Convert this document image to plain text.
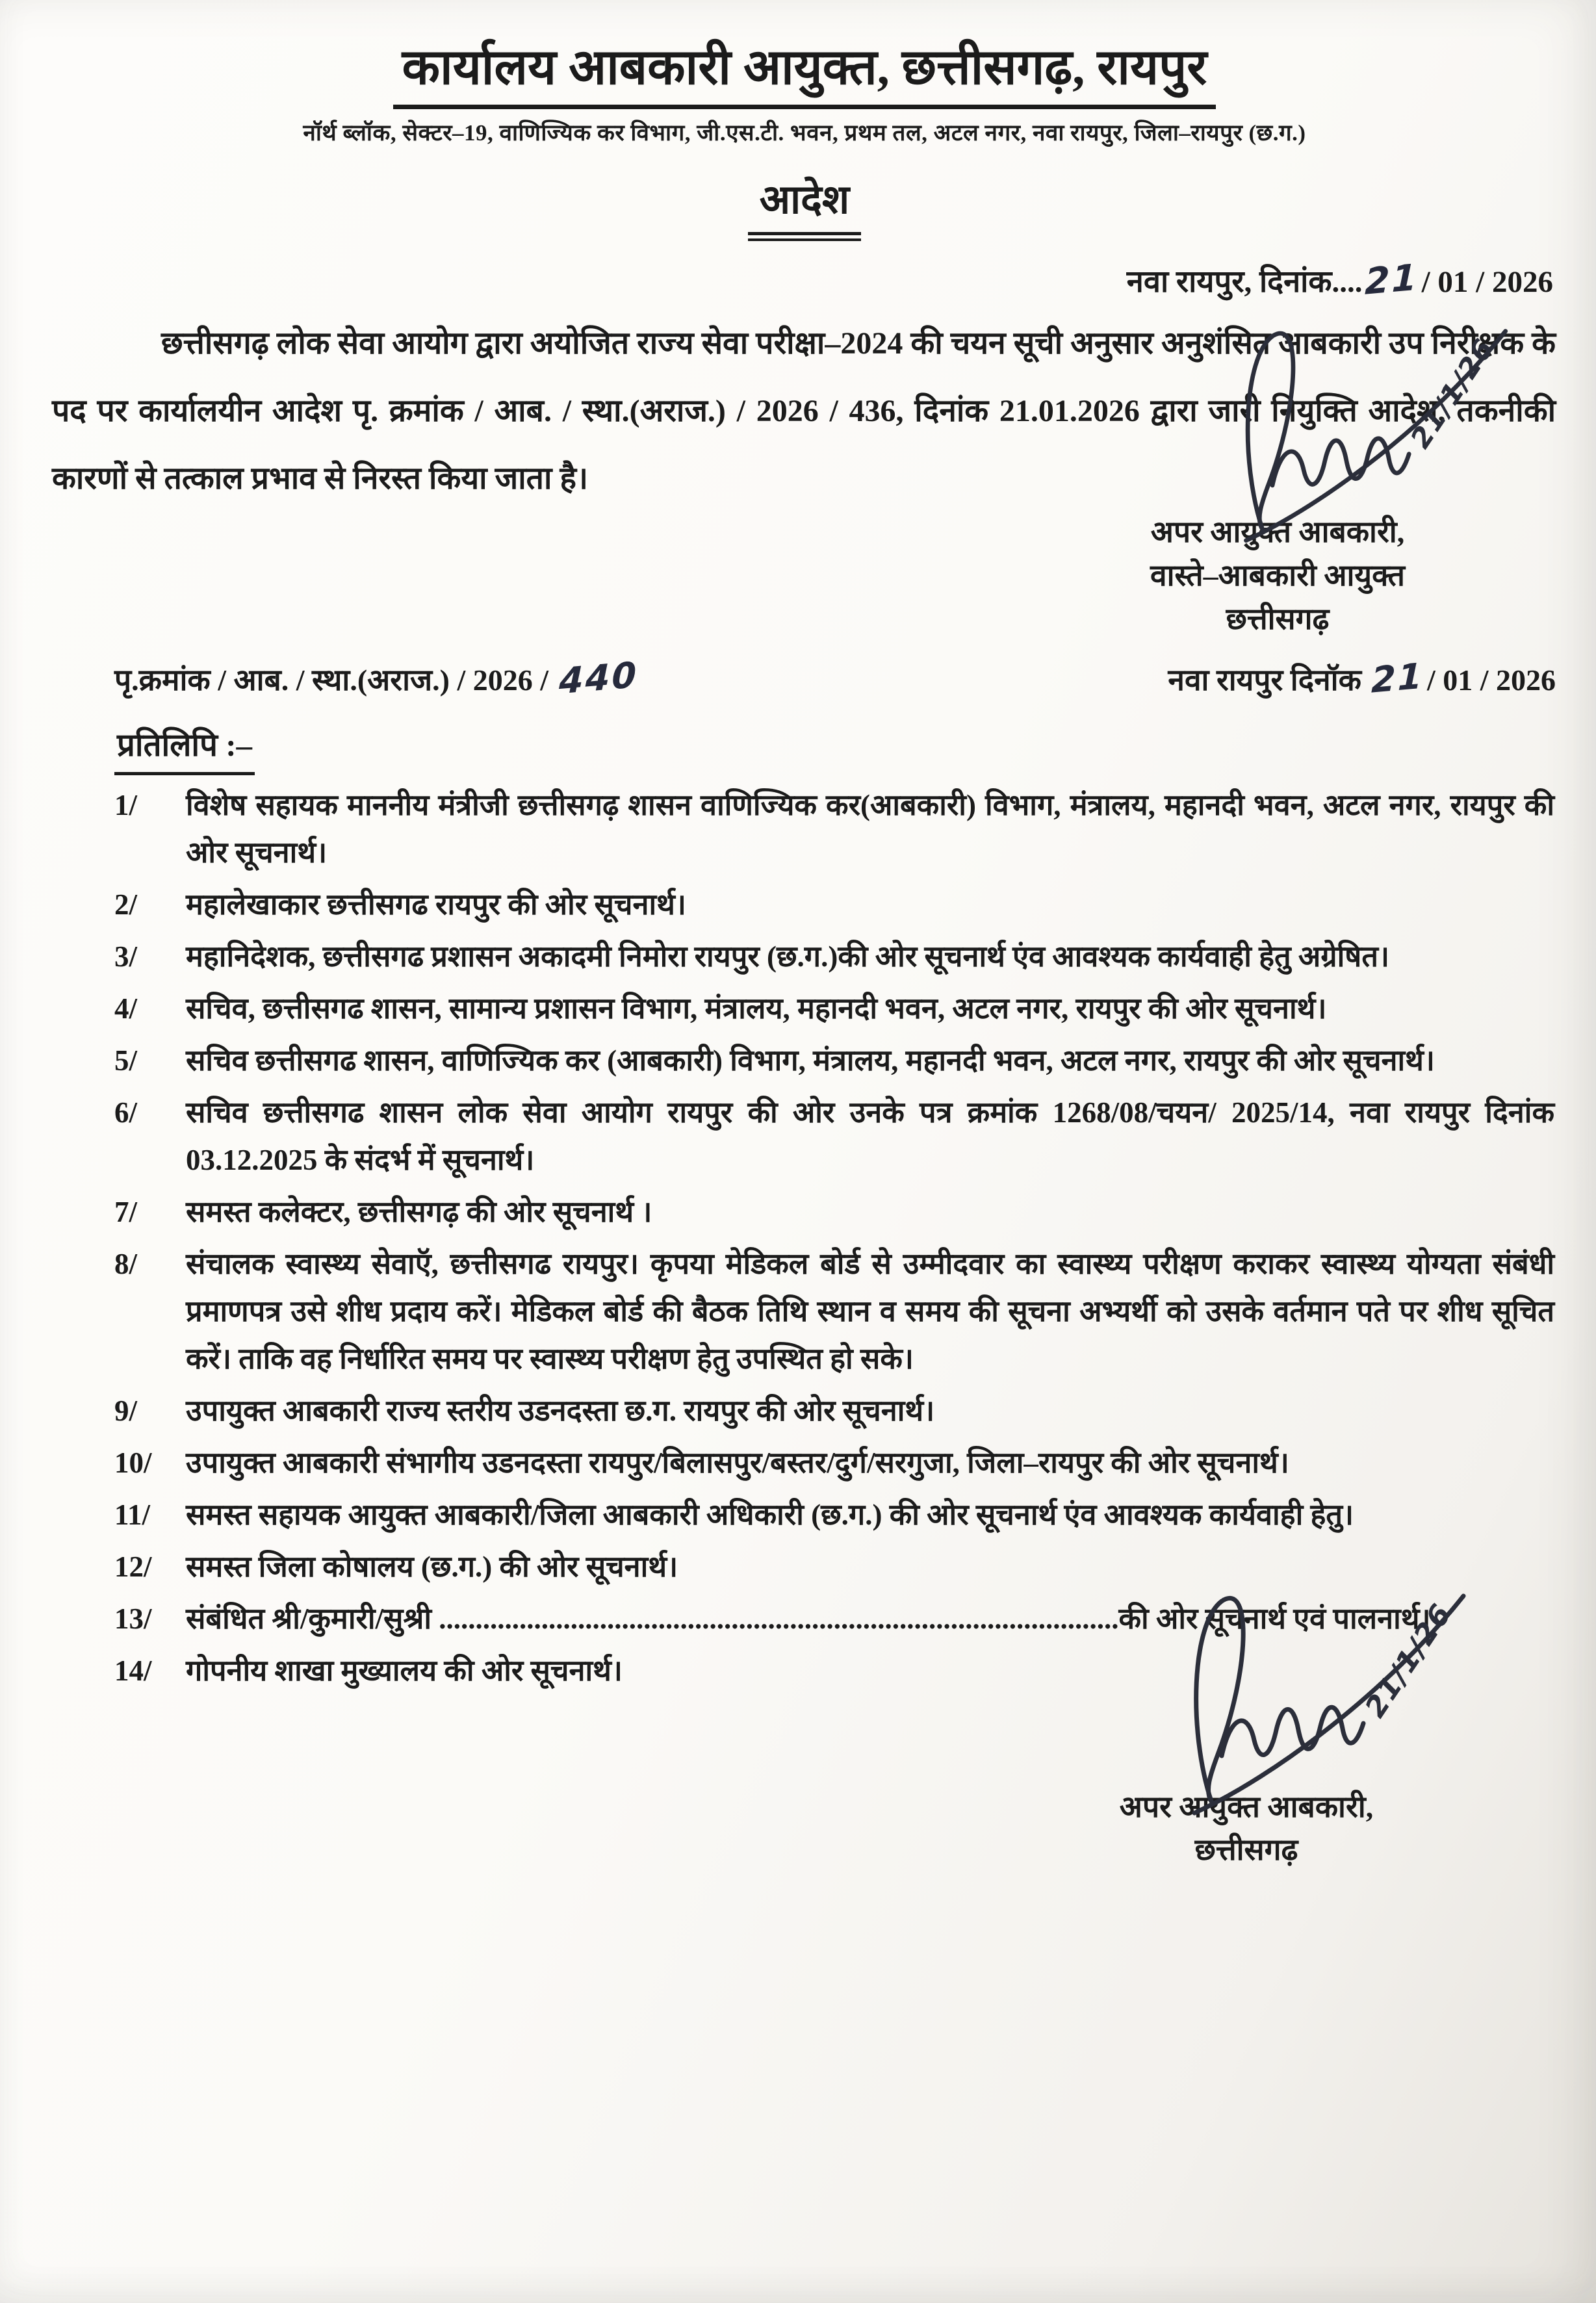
कार्यालय आबकारी आयुक्त, छत्तीसगढ़, रायपुर
नॉर्थ ब्लॉक, सेक्टर–19, वाणिज्यिक कर विभाग, जी.एस.टी. भवन, प्रथम तल, अटल नगर, नवा रायपुर, जिला–रायपुर (छ.ग.)
आदेश
नवा रायपुर, दिनांक....21/ 01 / 2026
छत्तीसगढ़ लोक सेवा आयोग द्वारा अयोजित राज्य सेवा परीक्षा–2024 की चयन सूची अनुसार अनुशंसित आबकारी उप निरीक्षक के पद पर कार्यालयीन आदेश पृ. क्रमांक / आब. / स्था.(अराज.) / 2026 / 436, दिनांक 21.01.2026 द्वारा जारी नियुक्ति आदेश, तकनीकी कारणों से तत्काल प्रभाव से निरस्त किया जाता है।
21/1/26
अपर आयुक्त आबकारी,
वास्ते–आबकारी आयुक्त
छत्तीसगढ़
पृ.क्रमांक / आब. / स्था.(अराज.) / 2026 / 440	नवा रायपुर दिनॉक 21/ 01 / 2026
प्रतिलिपि :–
1/	विशेष सहायक माननीय मंत्रीजी छत्तीसगढ़ शासन वाणिज्यिक कर(आबकारी) विभाग, मंत्रालय, महानदी भवन, अटल नगर, रायपुर की ओर सूचनार्थ।
2/	महालेखाकार छत्तीसगढ रायपुर की ओर सूचनार्थ।
3/	महानिदेशक, छत्तीसगढ प्रशासन अकादमी निमोरा रायपुर (छ.ग.)की ओर सूचनार्थ एंव आवश्यक कार्यवाही हेतु अग्रेषित।
4/	सचिव, छत्तीसगढ शासन, सामान्य प्रशासन विभाग, मंत्रालय, महानदी भवन, अटल नगर, रायपुर की ओर सूचनार्थ।
5/	सचिव छत्तीसगढ शासन, वाणिज्यिक कर (आबकारी) विभाग, मंत्रालय, महानदी भवन, अटल नगर, रायपुर की ओर सूचनार्थ।
6/	सचिव छत्तीसगढ शासन लोक सेवा आयोग रायपुर की ओर उनके पत्र क्रमांक 1268/08/चयन/ 2025/14, नवा रायपुर दिनांक 03.12.2025 के संदर्भ में सूचनार्थ।
7/	समस्त कलेक्टर, छत्तीसगढ़ की ओर सूचनार्थ ।
8/	संचालक स्वास्थ्य सेवाऍ, छत्तीसगढ रायपुर। कृपया मेडिकल बोर्ड से उम्मीदवार का स्वास्थ्य परीक्षण कराकर स्वास्थ्य योग्यता संबंधी प्रमाणपत्र उसे शीध प्रदाय करें। मेडिकल बोर्ड की बैठक तिथि स्थान व समय की सूचना अभ्यर्थी को उसके वर्तमान पते पर शीध सूचित करें। ताकि वह निर्धारित समय पर स्वास्थ्य परीक्षण हेतु उपस्थित हो सके।
9/	उपायुक्त आबकारी राज्य स्तरीय उडनदस्ता छ.ग. रायपुर की ओर सूचनार्थ।
10/	उपायुक्त आबकारी संभागीय उडनदस्ता रायपुर/बिलासपुर/बस्तर/दुर्ग/सरगुजा, जिला–रायपुर की ओर सूचनार्थ।
11/	समस्त सहायक आयुक्त आबकारी/जिला आबकारी अधिकारी (छ.ग.) की ओर सूचनार्थ एंव आवश्यक कार्यवाही हेतु।
12/	समस्त जिला कोषालय (छ.ग.) की ओर सूचनार्थ।
13/	संबंधित श्री/कुमारी/सुश्री .............................................................................................की ओर सूचनार्थ एवं पालनार्थ।
14/	गोपनीय शाखा मुख्यालय की ओर सूचनार्थ।	21/1/26
अपर आयुक्त आबकारी,
छत्तीसगढ़
